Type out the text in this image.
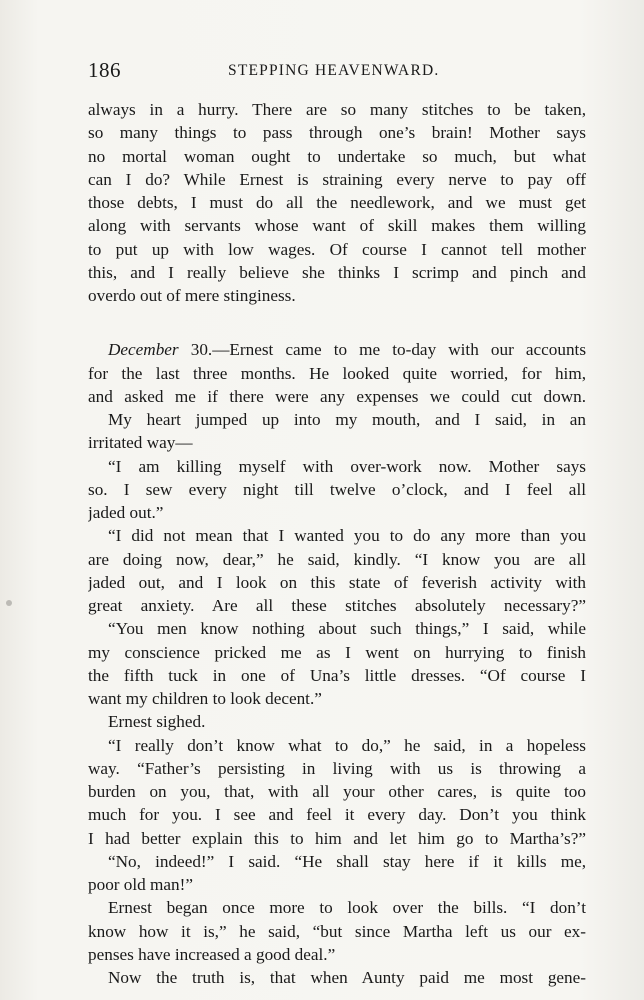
186	STEPPING HEAVENWARD.
always in a hurry. There are so many stitches to be taken,
so many things to pass through one’s brain! Mother says
no mortal woman ought to undertake so much, but what
can I do? While Ernest is straining every nerve to pay off
those debts, I must do all the needlework, and we must get
along with servants whose want of skill makes them willing
to put up with low wages. Of course I cannot tell mother
this, and I really believe she thinks I scrimp and pinch and
overdo out of mere stinginess.
December 30.—Ernest came to me to-day with our accounts
for the last three months. He looked quite worried, for him,
and asked me if there were any expenses we could cut down.
My heart jumped up into my mouth, and I said, in an
irritated way—
“I am killing myself with over-work now. Mother says
so. I sew every night till twelve o’clock, and I feel all
jaded out.”
“I did not mean that I wanted you to do any more than you
are doing now, dear,” he said, kindly. “I know you are all
jaded out, and I look on this state of feverish activity with
great anxiety. Are all these stitches absolutely necessary?”
“You men know nothing about such things,” I said, while
my conscience pricked me as I went on hurrying to finish
the fifth tuck in one of Una’s little dresses. “Of course I
want my children to look decent.”
Ernest sighed.
“I really don’t know what to do,” he said, in a hopeless
way. “Father’s persisting in living with us is throwing a
burden on you, that, with all your other cares, is quite too
much for you. I see and feel it every day. Don’t you think
I had better explain this to him and let him go to Martha’s?”
“No, indeed!” I said. “He shall stay here if it kills me,
poor old man!”
Ernest began once more to look over the bills. “I don’t
know how it is,” he said, “but since Martha left us our ex-
penses have increased a good deal.”
Now the truth is, that when Aunty paid me most gene-
